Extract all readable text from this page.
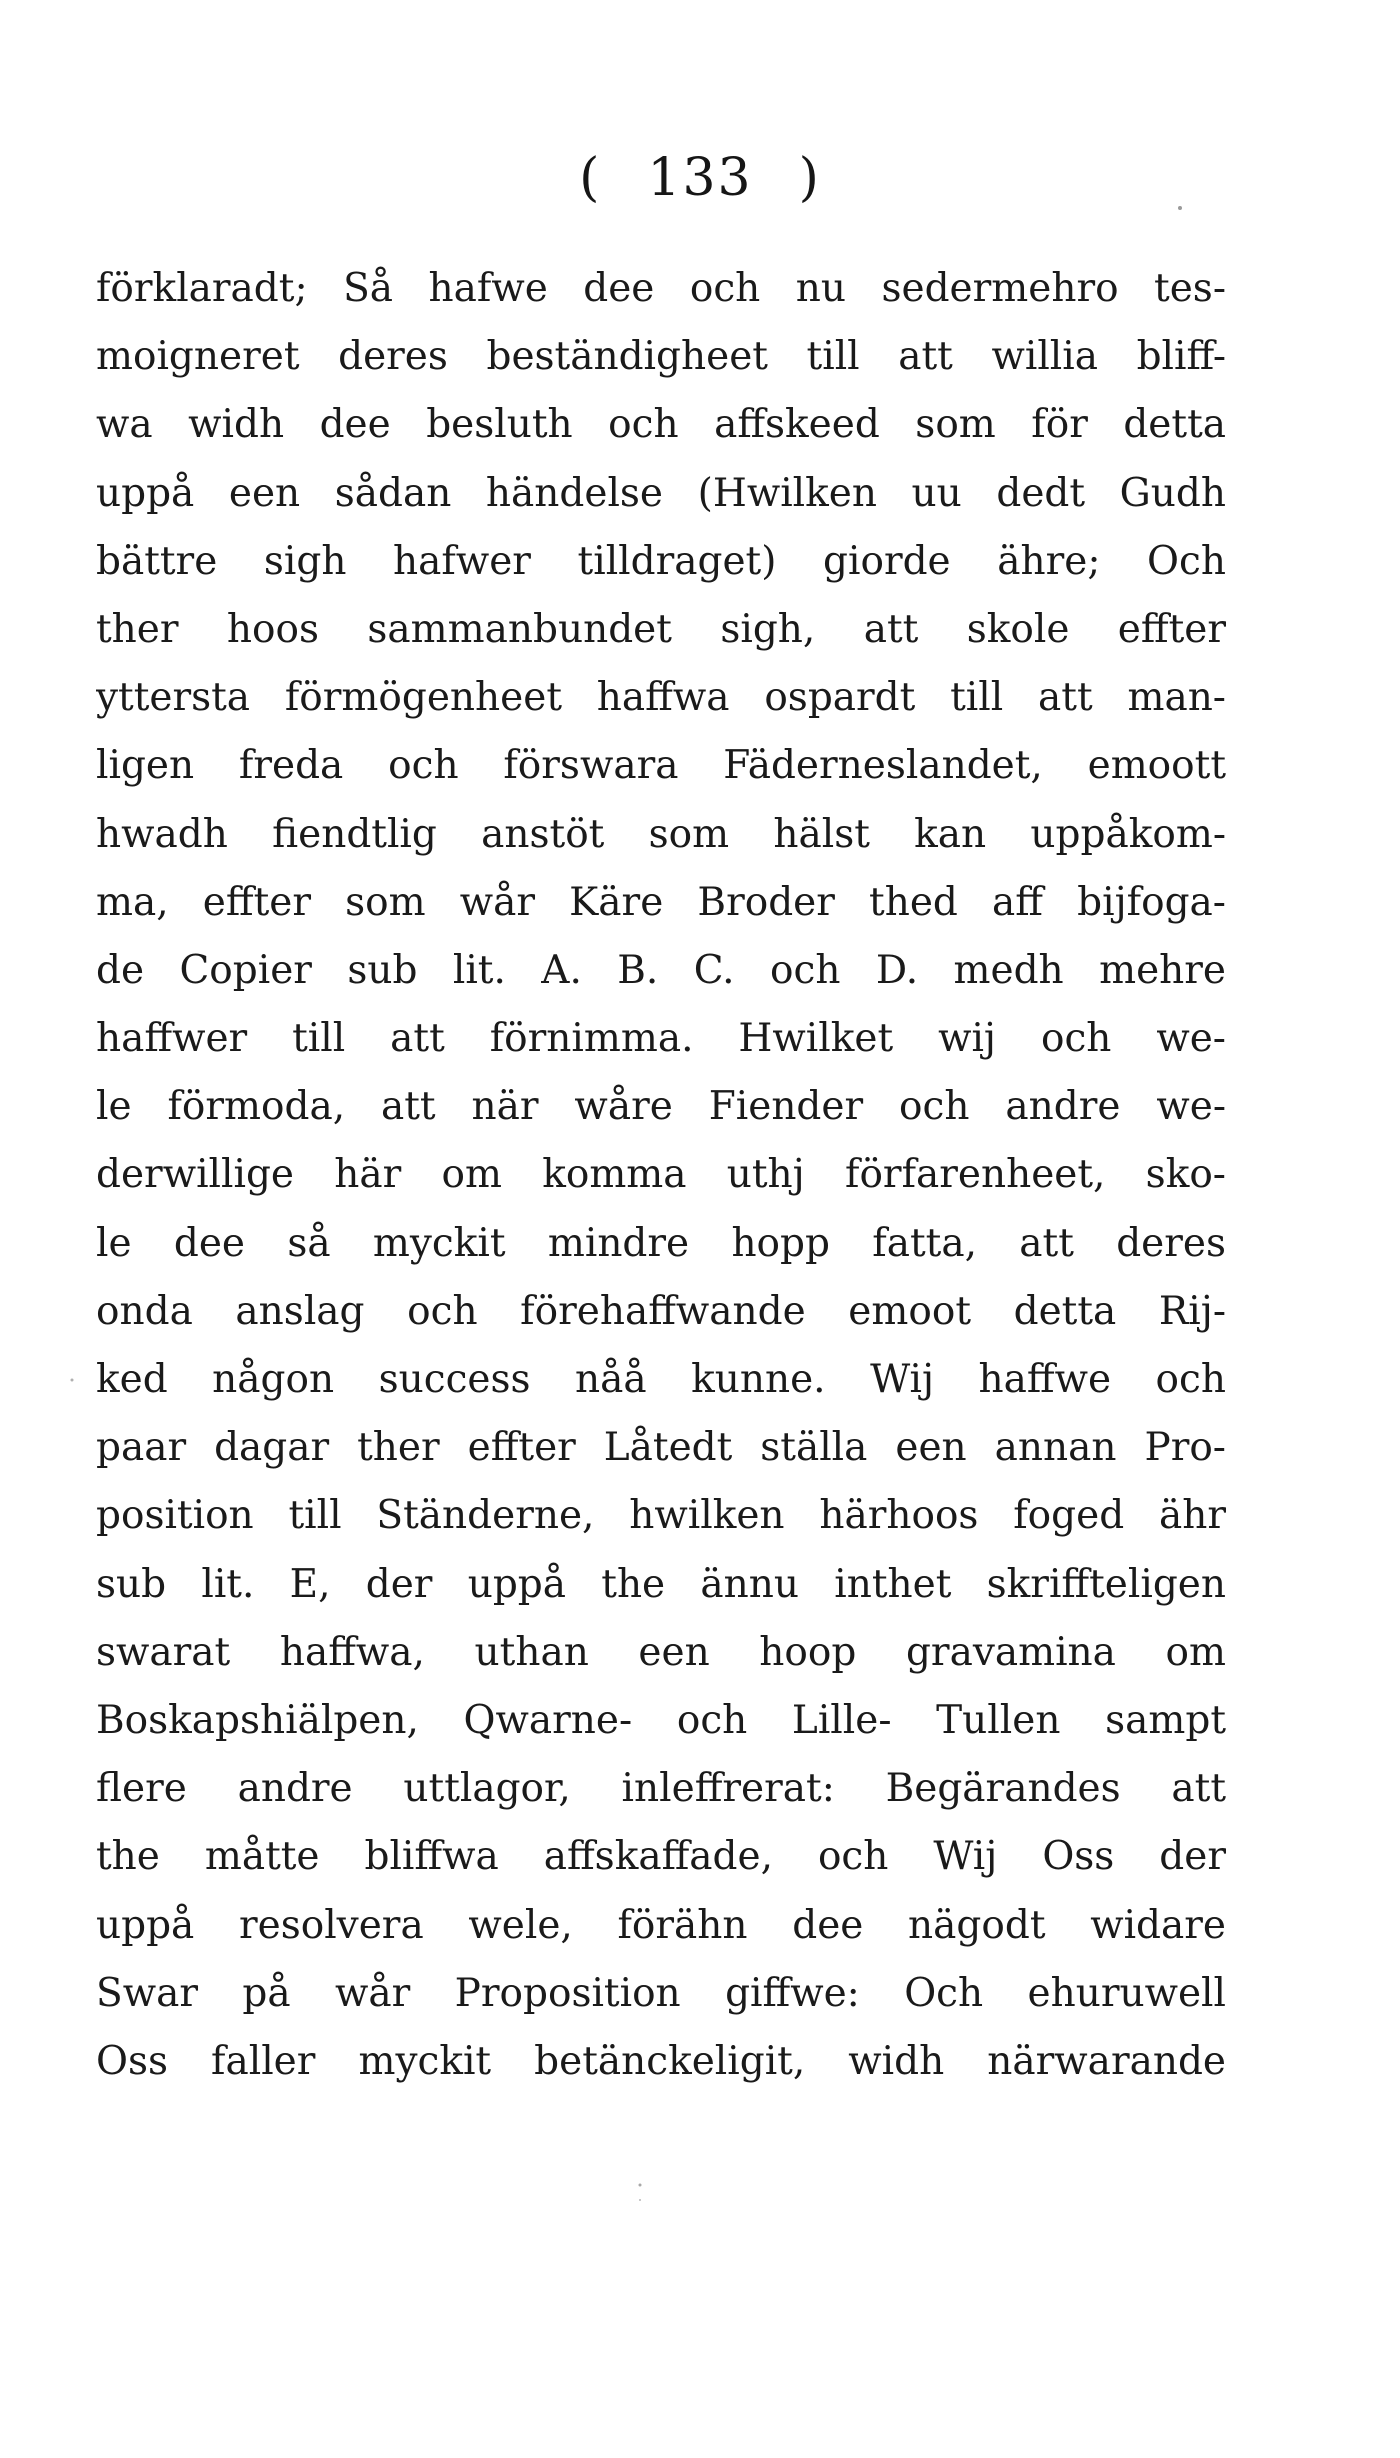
( 133 )
förklaradt; Så hafwe dee och nu sedermehro tes-
moigneret deres beständigheet till att willia bliff-
wa widh dee besluth och affskeed som för detta
uppå een sådan händelse (Hwilken uu dedt Gudh
bättre sigh hafwer tilldraget) giorde ähre; Och
ther hoos sammanbundet sigh, att skole effter
yttersta förmögenheet haffwa ospardt till att man-
ligen freda och förswara Fäderneslandet, emoott
hwadh fiendtlig anstöt som hälst kan uppåkom-
ma, effter som wår Käre Broder thed aff bijfoga-
de Copier sub lit. A. B. C. och D. medh mehre
haffwer till att förnimma. Hwilket wij och we-
le förmoda, att när wåre Fiender och andre we-
derwillige här om komma uthj förfarenheet, sko-
le dee så myckit mindre hopp fatta, att deres
onda anslag och förehaffwande emoot detta Rij-
ked någon success nåå kunne. Wij haffwe och
paar dagar ther effter Låtedt ställa een annan Pro-
position till Ständerne, hwilken härhoos foged ähr
sub lit. E, der uppå the ännu inthet skriffteligen
swarat haffwa, uthan een hoop gravamina om
Boskapshiälpen, Qwarne- och Lille- Tullen sampt
flere andre uttlagor, inleffrerat: Begärandes att
the måtte bliffwa affskaffade, och Wij Oss der
uppå resolvera wele, förähn dee nägodt widare
Swar på wår Proposition giffwe: Och ehuruwell
Oss faller myckit betänckeligit, widh närwarande
